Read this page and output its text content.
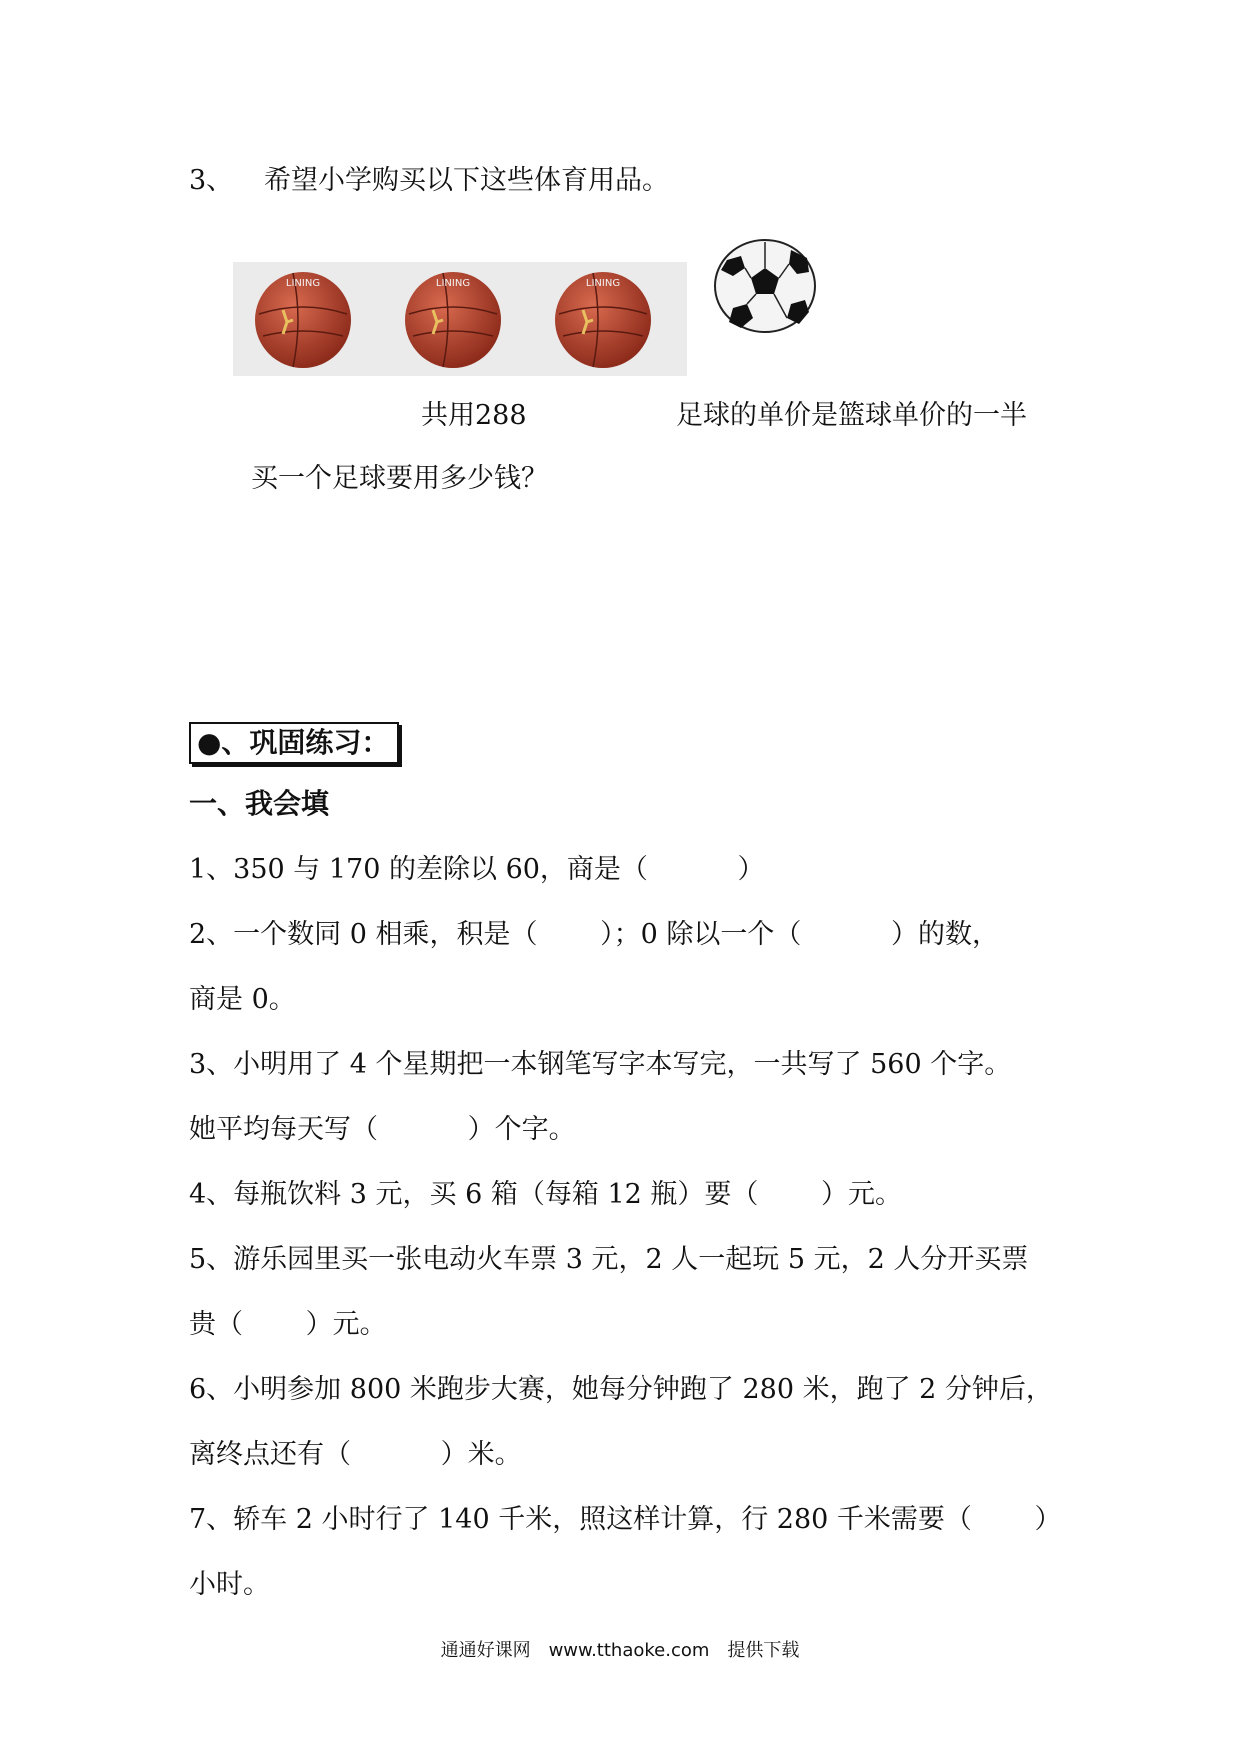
3、 希望小学购买以下这些体育用品。
LINING	LINING	LINING
共用288	足球的单价是篮球单价的一半
买一个足球要用多少钱？
●、巩固练习：
一、我会填
1、350 与 170 的差除以 60，商是（　　　 ）
2、一个数同 0 相乘，积是（　　 ）；0 除以一个（　　　 ）的数，
商是 0。
3、小明用了 4 个星期把一本钢笔写字本写完，一共写了 560 个字。
她平均每天写（　　　 ）个字。
4、每瓶饮料 3 元，买 6 箱（每箱 12 瓶）要（　　 ）元。
5、游乐园里买一张电动火车票 3 元，2 人一起玩 5 元，2 人分开买票
贵（　　 ）元。
6、小明参加 800 米跑步大赛，她每分钟跑了 280 米，跑了 2 分钟后，
离终点还有（　　　 ）米。
7、轿车 2 小时行了 140 千米，照这样计算，行 280 千米需要（　　 ）
小时。
通通好课网　www.tthaoke.com　提供下载
